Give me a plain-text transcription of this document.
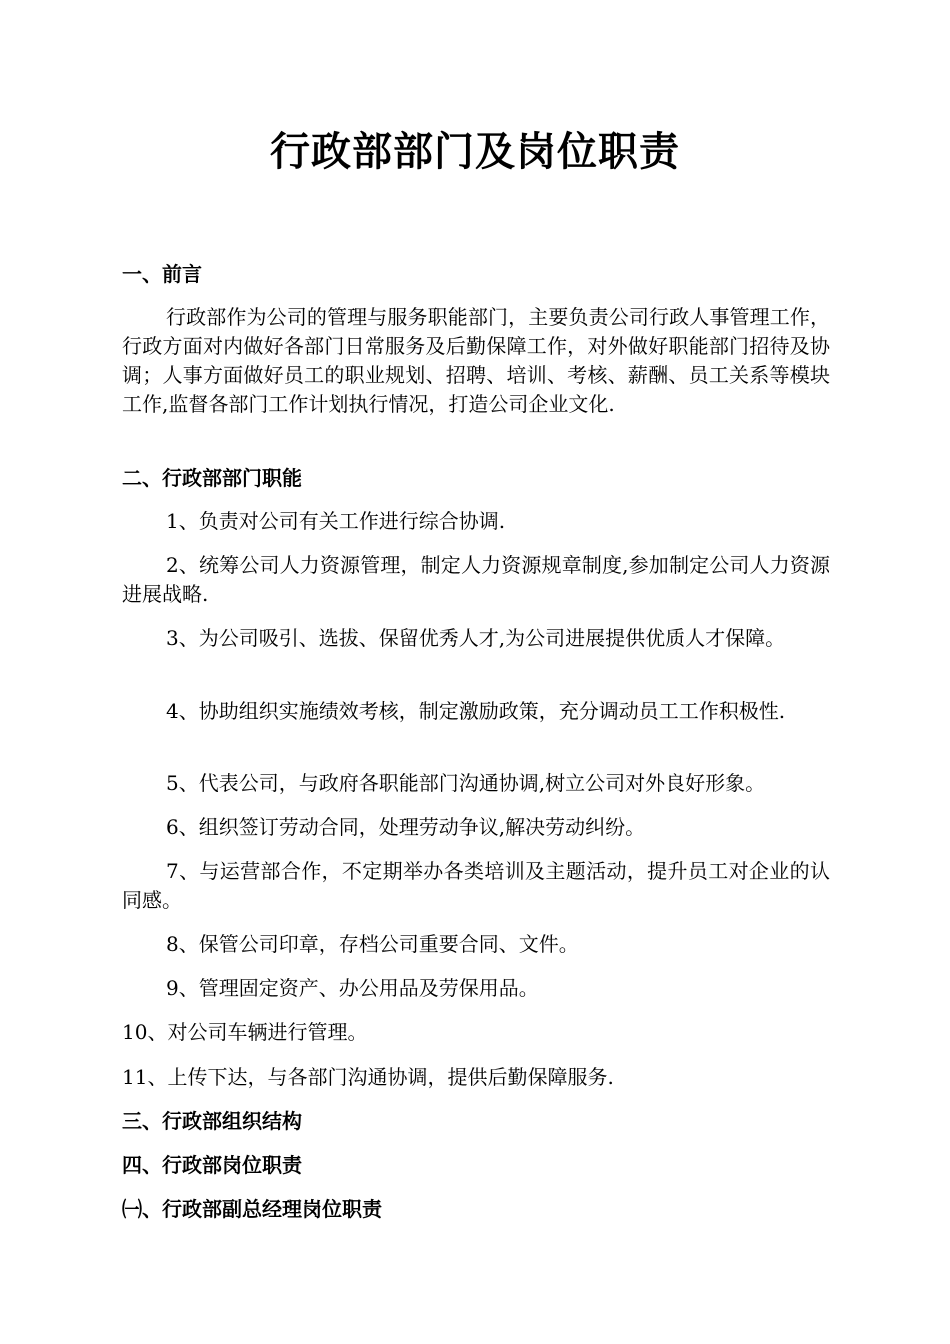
行政部部门及岗位职责
一、前言

行政部作为公司的管理与服务职能部门，主要负责公司行政人事管理工作，行政方面对内做好各部门日常服务及后勤保障工作，对外做好职能部门招待及协调；人事方面做好员工的职业规划、招聘、培训、考核、薪酬、员工关系等模块工作,监督各部门工作计划执行情况，打造公司企业文化.

二、行政部部门职能

1、负责对公司有关工作进行综合协调.

2、统筹公司人力资源管理，制定人力资源规章制度,参加制定公司人力资源进展战略.

3、为公司吸引、选拔、保留优秀人才,为公司进展提供优质人才保障。

4、协助组织实施绩效考核，制定激励政策，充分调动员工工作积极性.

5、代表公司，与政府各职能部门沟通协调,树立公司对外良好形象。

6、组织签订劳动合同，处理劳动争议,解决劳动纠纷。

7、与运营部合作，不定期举办各类培训及主题活动，提升员工对企业的认同感。

8、保管公司印章，存档公司重要合同、文件。

9、管理固定资产、办公用品及劳保用品。

10、对公司车辆进行管理。

11、上传下达，与各部门沟通协调，提供后勤保障服务.

三、行政部组织结构
四、行政部岗位职责
㈠、行政部副总经理岗位职责
